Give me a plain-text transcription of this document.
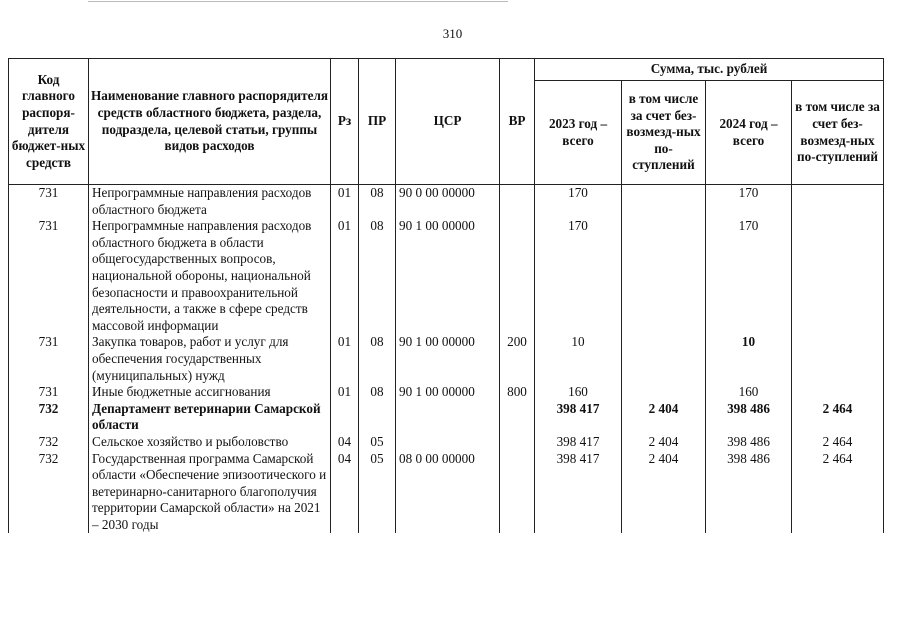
310
Код главного распоря-дителя бюджет-ных средств	Наименование главного распорядителя средств областного бюджета, раздела, подраздела, целевой статьи, группы видов расходов	Рз	ПР	ЦСР	ВР	Сумма, тыс. рублей			
						2023 год – всего	в том числе за счет без-возмезд-ных по-ступлений	2024 год – всего	в том числе за счет без-возмезд-ных по-ступлений
731	Непрограммные направления расходов областного бюджета	01	08	90 0 00 00000		170		170	
731	Непрограммные направления расходов областного бюджета в области общегосударственных вопросов, национальной обороны, национальной безопасности и правоохранительной деятельности, а также в сфере средств массовой информации	01	08	90 1 00 00000		170		170	
731	Закупка товаров, работ и услуг для обеспечения государственных (муниципальных) нужд	01	08	90 1 00 00000	200	10		10	
731	Иные бюджетные ассигнования	01	08	90 1 00 00000	800	160		160	
732	Департамент ветеринарии Самарской области					398 417	2 404	398 486	2 464
732	Сельское хозяйство и рыболовство	04	05			398 417	2 404	398 486	2 464
732	Государственная программа Самарской области «Обеспечение эпизоотического и ветеринарно-санитарного благополучия территории Самарской области» на 2021 – 2030 годы	04	05	08 0 00 00000		398 417	2 404	398 486	2 464
